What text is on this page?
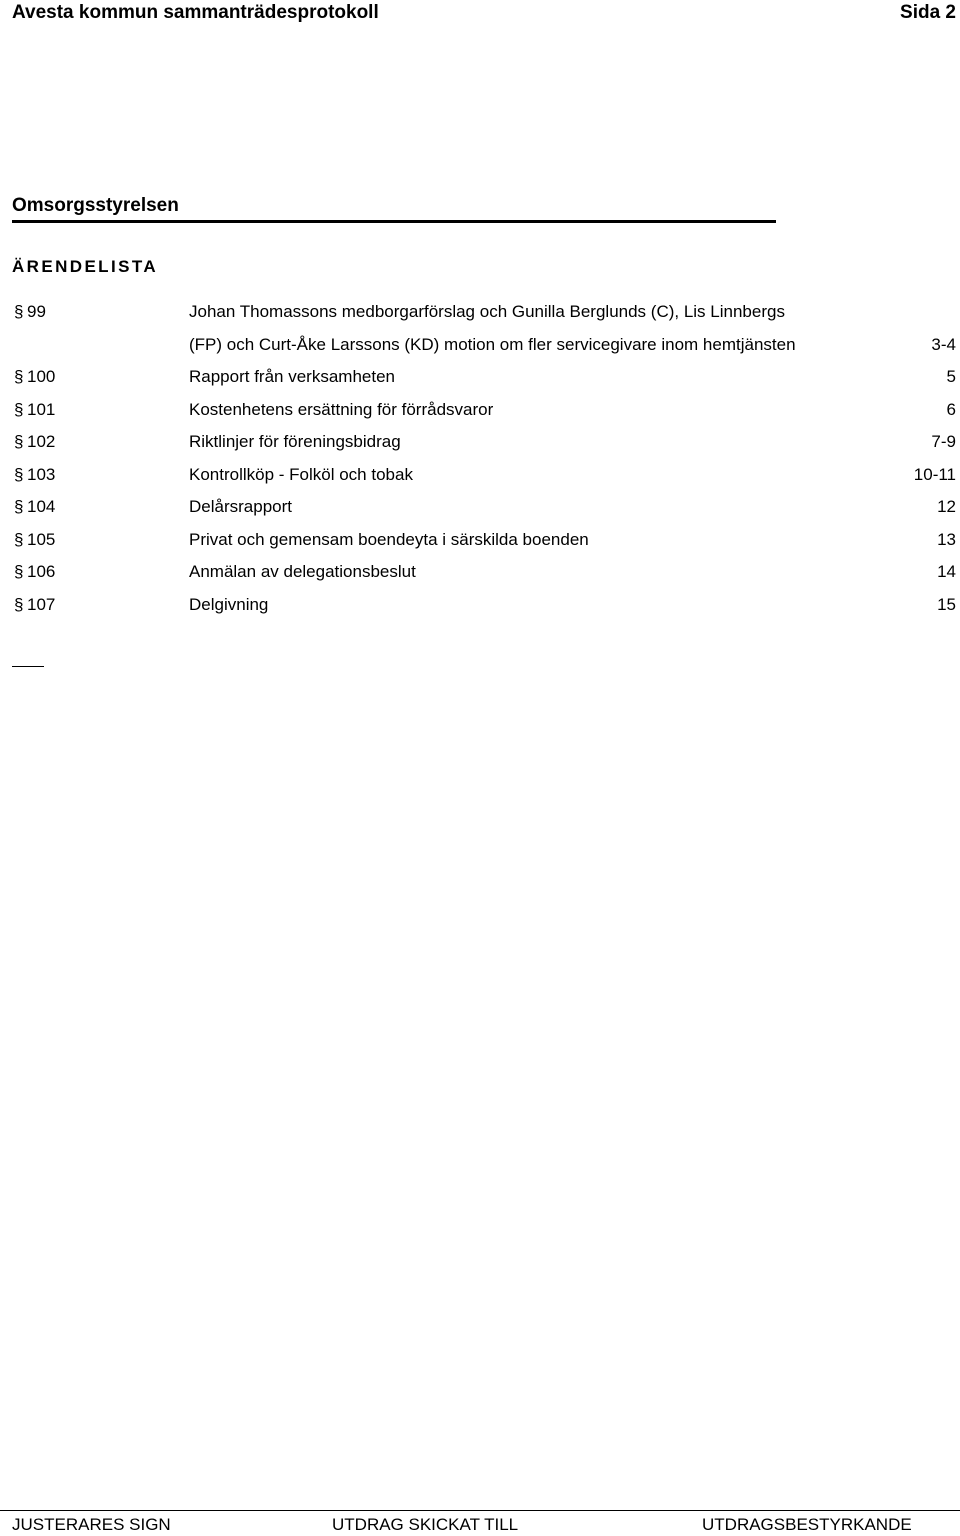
Avesta kommun sammanträdesprotokoll	Sida 2
Omsorgsstyrelsen
ÄRENDELISTA
§ 99	Johan Thomassons medborgarförslag och Gunilla Berglunds (C), Lis Linnbergs
(FP) och Curt-Åke Larssons (KD) motion om fler servicegivare inom hemtjänsten	3-4
§ 100	Rapport från verksamheten	5
§ 101	Kostenhetens ersättning för förrådsvaror	6
§ 102	Riktlinjer för föreningsbidrag	7-9
§ 103	Kontrollköp - Folköl och tobak	10-11
§ 104	Delårsrapport	12
§ 105	Privat och gemensam boendeyta i särskilda boenden	13
§ 106	Anmälan av delegationsbeslut	14
§ 107	Delgivning	15
JUSTERARES SIGN	UTDRAG SKICKAT TILL	UTDRAGSBESTYRKANDE
